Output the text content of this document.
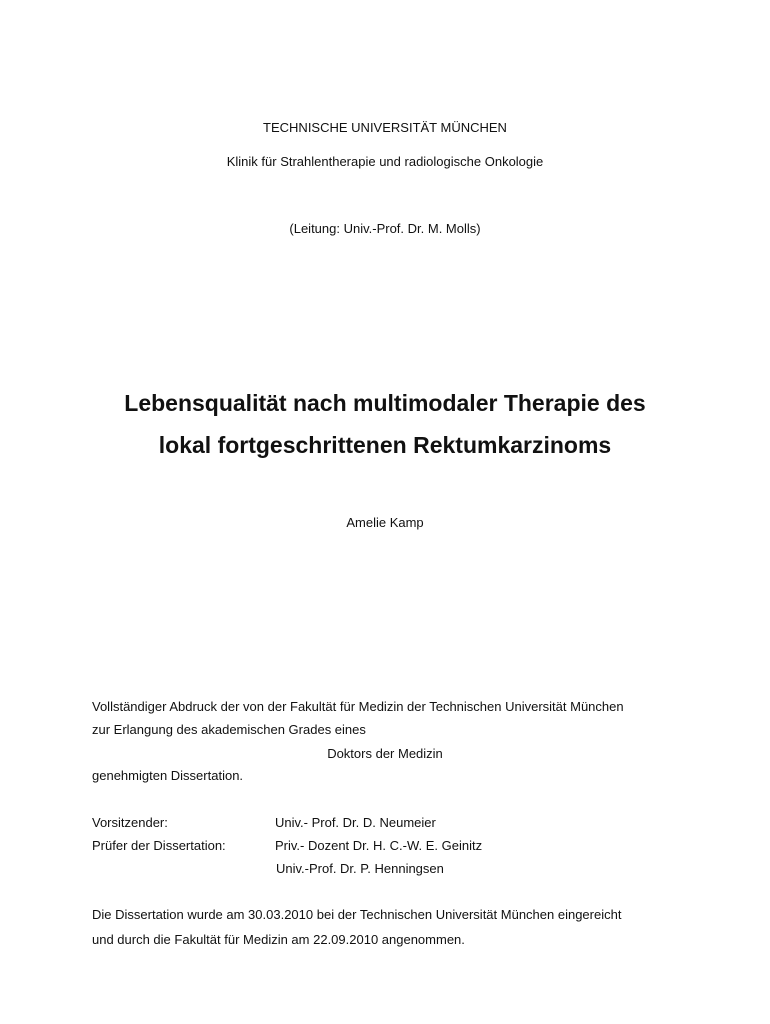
TECHNISCHE UNIVERSITÄT MÜNCHEN
Klinik für Strahlentherapie und radiologische Onkologie
(Leitung: Univ.-Prof. Dr. M. Molls)
Lebensqualität nach multimodaler Therapie des
lokal fortgeschrittenen Rektumkarzinoms
Amelie Kamp
Vollständiger Abdruck der von der Fakultät für Medizin der Technischen Universität München
zur Erlangung des akademischen Grades eines
Doktors der Medizin
genehmigten Dissertation.
Vorsitzender:	Univ.- Prof. Dr. D. Neumeier
Prüfer der Dissertation:	Priv.- Dozent Dr. H. C.-W. E. Geinitz
Univ.-Prof. Dr. P. Henningsen
Die Dissertation wurde am 30.03.2010 bei der Technischen Universität München eingereicht
und durch die Fakultät für Medizin am 22.09.2010 angenommen.
